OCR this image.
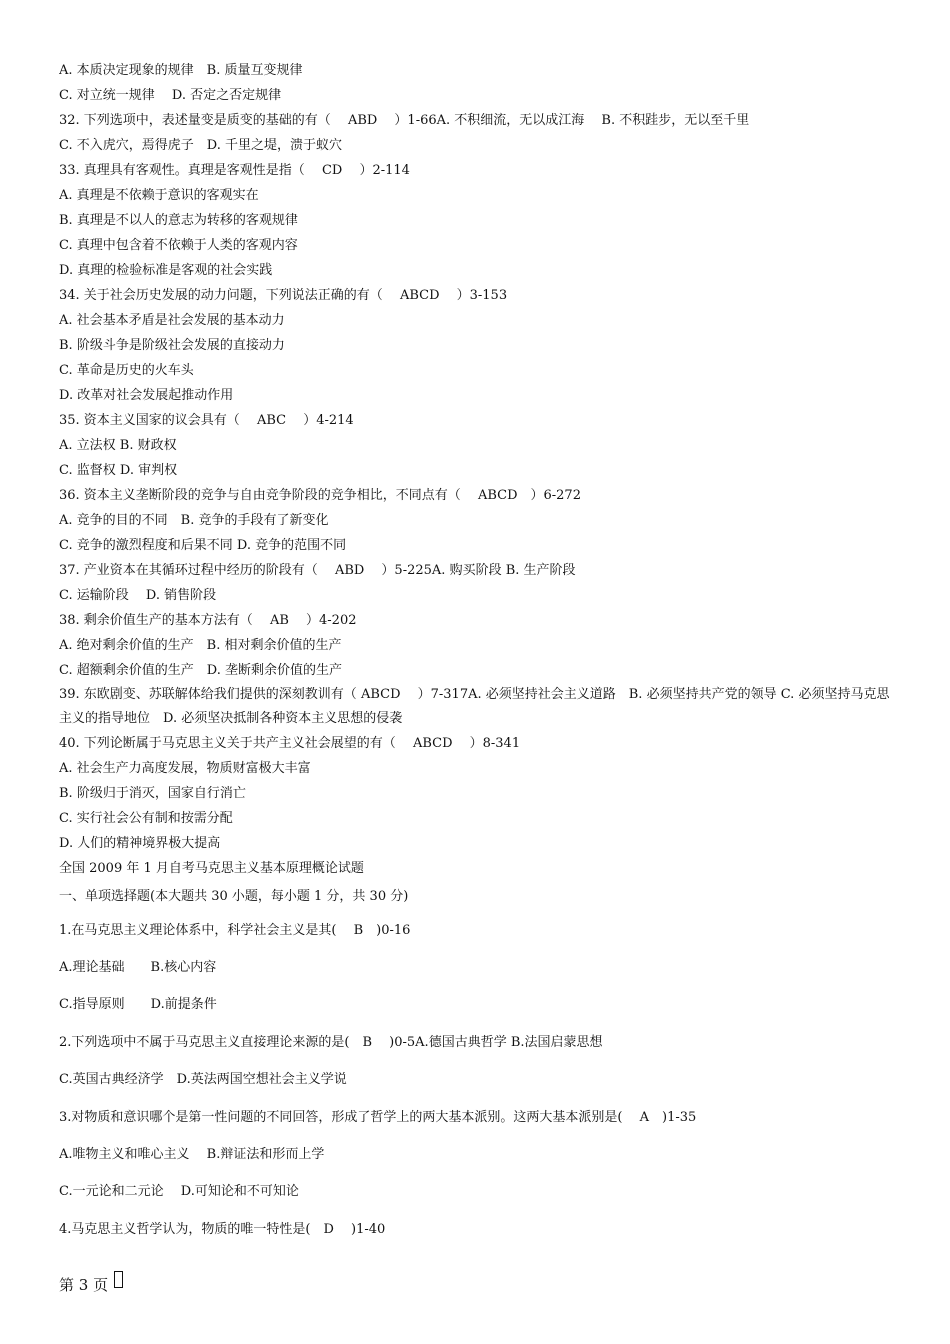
A. 本质决定现象的规律　B. 质量互变规律
C. 对立统一规律　 D. 否定之否定规律
32. 下列选项中，表述量变是质变的基础的有（　 ABD　 ）1-66A. 不积细流，无以成江海　 B. 不积跬步，无以至千里
C. 不入虎穴，焉得虎子　D. 千里之堤，溃于蚁穴
33. 真理具有客观性。真理是客观性是指（　 CD　 ）2-114
A. 真理是不依赖于意识的客观实在
B. 真理是不以人的意志为转移的客观规律
C. 真理中包含着不依赖于人类的客观内容
D. 真理的检验标准是客观的社会实践
34. 关于社会历史发展的动力问题，下列说法正确的有（　 ABCD　 ）3-153
A. 社会基本矛盾是社会发展的基本动力
B. 阶级斗争是阶级社会发展的直接动力
C. 革命是历史的火车头
D. 改革对社会发展起推动作用
35. 资本主义国家的议会具有（　 ABC　 ）4-214
A. 立法权 B. 财政权
C. 监督权 D. 审判权
36. 资本主义垄断阶段的竞争与自由竞争阶段的竞争相比，不同点有（　 ABCD　）6-272
A. 竞争的目的不同　B. 竞争的手段有了新变化
C. 竞争的激烈程度和后果不同 D. 竞争的范围不同
37. 产业资本在其循环过程中经历的阶段有（　 ABD　 ）5-225A. 购买阶段 B. 生产阶段
C. 运输阶段　 D. 销售阶段
38. 剩余价值生产的基本方法有（　 AB　 ）4-202
A. 绝对剩余价值的生产　B. 相对剩余价值的生产
C. 超额剩余价值的生产　D. 垄断剩余价值的生产
39. 东欧剧变、苏联解体给我们提供的深刻教训有（ ABCD　 ）7-317A. 必须坚持社会主义道路　B. 必须坚持共产党的领导 C. 必须坚持马克思主义的指导地位　D. 必须坚决抵制各种资本主义思想的侵袭
40. 下列论断属于马克思主义关于共产主义社会展望的有（　 ABCD　 ）8-341
A. 社会生产力高度发展，物质财富极大丰富
B. 阶级归于消灭，国家自行消亡
C. 实行社会公有制和按需分配
D. 人们的精神境界极大提高
全国 2009 年 1 月自考马克思主义基本原理概论试题
一、单项选择题(本大题共 30 小题，每小题 1 分，共 30 分)
1.在马克思主义理论体系中，科学社会主义是其(　 B　)0-16
A.理论基础　　B.核心内容
C.指导原则　　D.前提条件
2.下列选项中不属于马克思主义直接理论来源的是(　B　 )0-5A.德国古典哲学 B.法国启蒙思想
C.英国古典经济学　D.英法两国空想社会主义学说
3.对物质和意识哪个是第一性问题的不同回答，形成了哲学上的两大基本派别。这两大基本派别是(　 A　)1-35
A.唯物主义和唯心主义　 B.辩证法和形而上学
C.一元论和二元论　 D.可知论和不可知论
4.马克思主义哲学认为，物质的唯一特性是(　D　 )1-40
第 3 页
